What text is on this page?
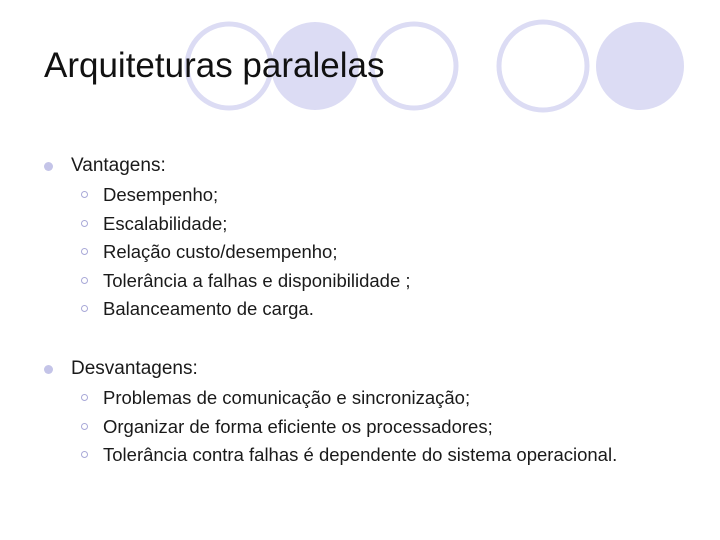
Arquiteturas paralelas
Vantagens:
Desempenho;
Escalabilidade;
Relação custo/desempenho;
Tolerância a falhas e disponibilidade ;
Balanceamento de carga.
Desvantagens:
Problemas de comunicação e sincronização;
Organizar de forma eficiente os processadores;
Tolerância contra falhas é dependente do sistema operacional.
